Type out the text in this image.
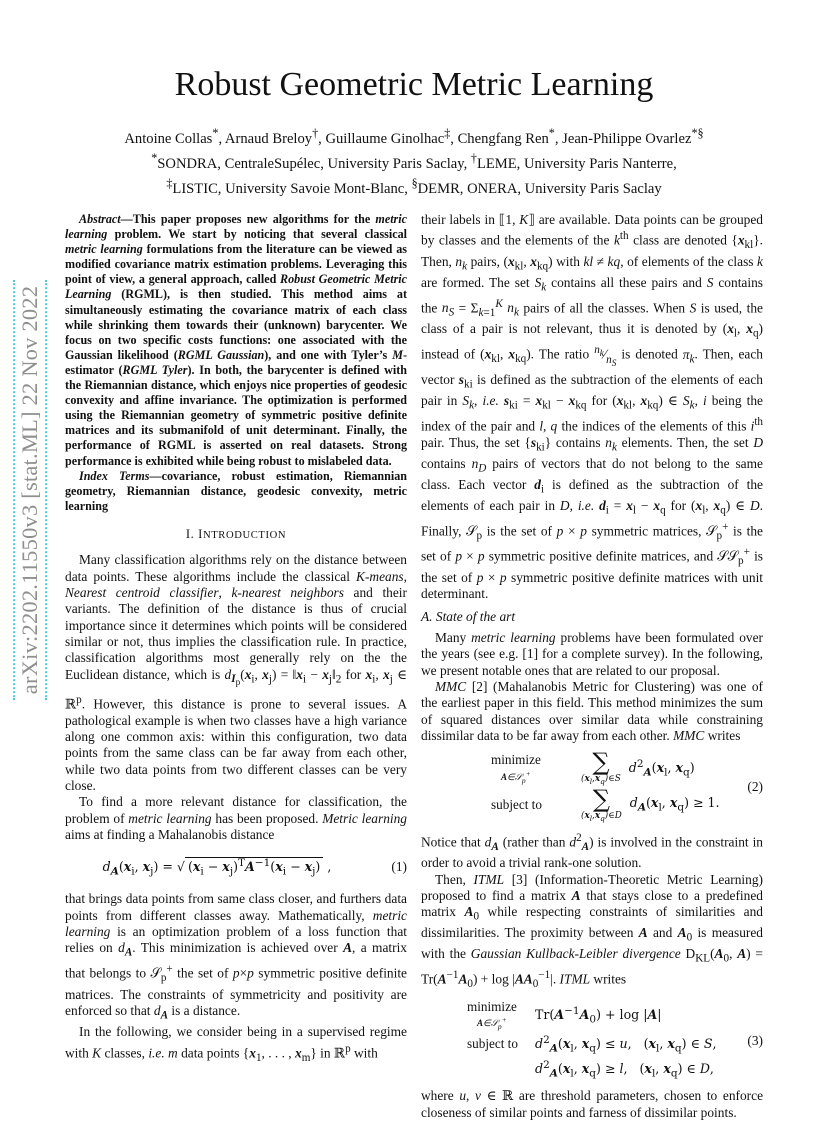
arXiv:2202.11550v3 [stat.ML] 22 Nov 2022
Robust Geometric Metric Learning
Antoine Collas*, Arnaud Breloy†, Guillaume Ginolhac‡, Chengfang Ren*, Jean-Philippe Ovarlez*§
*SONDRA, CentraleSupélec, University Paris Saclay, †LEME, University Paris Nanterre,
‡LISTIC, University Savoie Mont-Blanc, §DEMR, ONERA, University Paris Saclay

Abstract—This paper proposes new algorithms for the metric learning problem. We start by noticing that several classical metric learning formulations from the literature can be viewed as modified covariance matrix estimation problems. Leveraging this point of view, a general approach, called Robust Geometric Metric Learning (RGML), is then studied. This method aims at simultaneously estimating the covariance matrix of each class while shrinking them towards their (unknown) barycenter. We focus on two specific costs functions: one associated with the Gaussian likelihood (RGML Gaussian), and one with Tyler’s M-estimator (RGML Tyler). In both, the barycenter is defined with the Riemannian distance, which enjoys nice properties of geodesic convexity and affine invariance. The optimization is performed using the Riemannian geometry of symmetric positive definite matrices and its submanifold of unit determinant. Finally, the performance of RGML is asserted on real datasets. Strong performance is exhibited while being robust to mislabeled data.

Index Terms—covariance, robust estimation, Riemannian geometry, Riemannian distance, geodesic convexity, metric learning

I. INTRODUCTION

Many classification algorithms rely on the distance between data points. These algorithms include the classical K-means, Nearest centroid classifier, k-nearest neighbors and their variants. The definition of the distance is thus of crucial importance since it determines which points will be considered similar or not, thus implies the classification rule. In practice, classification algorithms most generally rely on the the Euclidean distance, which is $d_{I_p}(x_i$, $x_j$) = $‖x_i$ − $x_j‖_2$ for $x_i$, $x_j$ ∈ ℝ$^p$. However, this distance is prone to several issues. A pathological example is when two classes have a high variance along one common axis: within this configuration, two data points from the same class can be far away from each other, while two data points from two different classes can be very close.

To find a more relevant distance for classification, the problem of metric learning has been proposed. Metric learning aims at finding a Mahalanobis distance

$d_A(x_i$, $x_j$) = √ $(x_i - x_j)^TA^{-1}(x_i - x_j)$ ,	(1)

that brings data points from same class closer, and furthers data points from different classes away. Mathematically, metric learning is an optimization problem of a loss function that relies on $d_A$. This minimization is achieved over A, a matrix that belongs to 𝒮$_p$+ the set of p×p symmetric positive definite matrices. The constraints of symmetricity and positivity are enforced so that $d_A$ is a distance.

In the following, we consider being in a supervised regime with K classes, i.e. m data points {$x_1$, . . . , $x_m$} in ℝ$^p$ with

their labels in ⟦1, K⟧ are available. Data points can be grouped by classes and the elements of the $k^{th}$ class are denoted $\{x_{kl}\}$. Then, $n_k$ pairs, ($x_{kl}$, $x_{kq}$) with kl ≠ kq, of elements of the class k are formed. The set $S_k$ contains all these pairs and S contains the $n_S = \Sigma_{k=1}^K$ $n_k$ pairs of all the classes. When S is used, the class of a pair is not relevant, thus it is denoted by ($x_l$, $x_q$) instead of ($x_{kl}$, $x_{kq}$). The ratio $^{n_k}⁄_{n_S}$ is denoted $\pi_k$. Then, each vector $s_{ki}$ is defined as the subtraction of the elements of each pair in $S_k$, i.e. $s_{ki} = x_{kl} - x_{kq}$ for ($x_{kl}$, $x_{kq}$) ∈ $S_k$, i being the index of the pair and l, q the indices of the elements of this $i^{th}$ pair. Thus, the set $\{s_{ki}\}$ contains $n_k$ elements. Then, the set D contains $n_D$ pairs of vectors that do not belong to the same class. Each vector $d_i$ is defined as the subtraction of the elements of each pair in D, i.e. $d_i = x_l - x_q$ for ($x_l$, $x_q$) ∈ D. Finally, 𝒮$_p$ is the set of p × p symmetric matrices, 𝒮$_p$+ is the set of p × p symmetric positive definite matrices, and 𝒮𝒮$_p$+ is the set of p × p symmetric positive definite matrices with unit determinant.

A. State of the art

Many metric learning problems have been formulated over the years (see e.g. [1] for a complete survey). In the following, we present notable ones that are related to our proposal.

MMC [2] (Mahalanobis Metric for Clustering) was one of the earliest paper in this field. This method minimizes the sum of squared distances over similar data while constraining dissimilar data to be far away from each other. MMC writes

minimize
A∈𝒮$_p$+	∑
$(x_l,x_q)\in S$
$d^2_A(x_l$, $x_q$)
subject to	∑
$(x_l,x_q)\in D$
$d_A(x_l$, $x_q) \ge 1$.
(2)

Notice that $d_A$ (rather than $d^2_A$) is involved in the constraint in order to avoid a trivial rank-one solution.

Then, ITML [3] (Information-Theoretic Metric Learning) proposed to find a matrix A that stays close to a predefined matrix $A_0$ while respecting constraints of similarities and dissimilarities. The proximity between A and $A_0$ is measured with the Gaussian Kullback-Leibler divergence $D_{KL}(A_0$, $A) = Tr(A^{-1}A_0) + \log |AA_0^{-1}|$. ITML writes

minimize
A∈𝒮$_p$+	$Tr(A^{-1}A_0) + \log |A|$
subject to	$d^2_A(x_l$, $x_q) \le u$,   ($x_l$, $x_q$) ∈ S,
$d^2_A(x_l$, $x_q) \ge l$,   ($x_l$, $x_q$) ∈ D,
(3)

where u, v ∈ ℝ are threshold parameters, chosen to enforce closeness of similar points and farness of dissimilar points.
